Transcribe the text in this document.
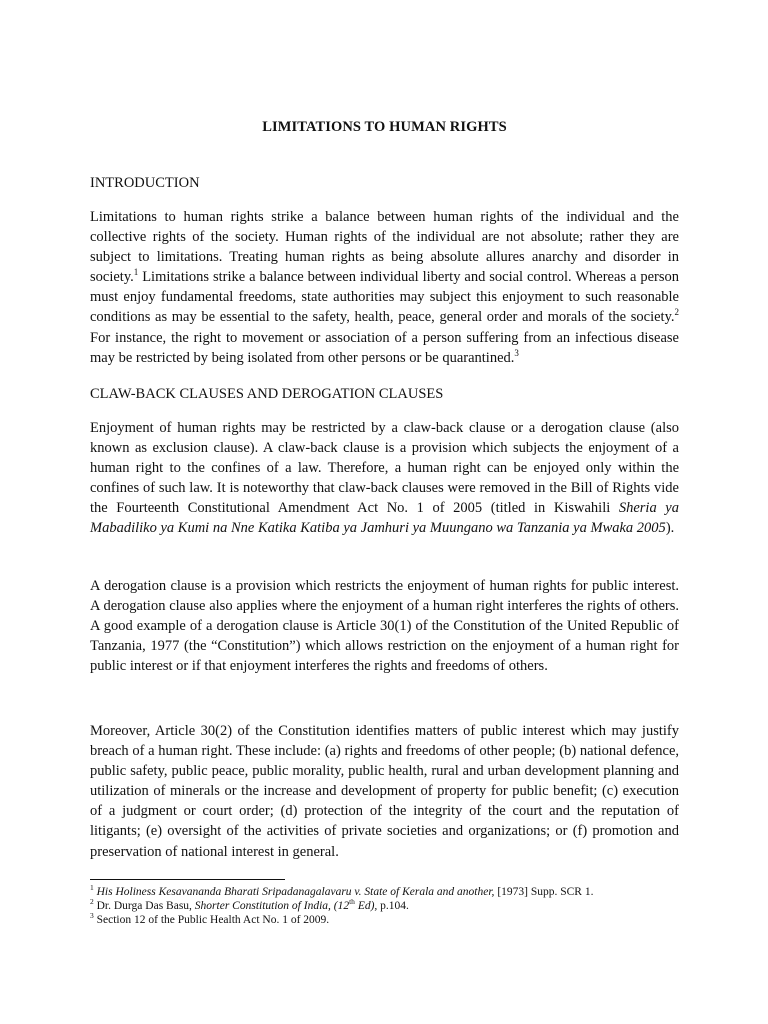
LIMITATIONS TO HUMAN RIGHTS
INTRODUCTION

Limitations to human rights strike a balance between human rights of the individual and the collective rights of the society. Human rights of the individual are not absolute; rather they are subject to limitations. Treating human rights as being absolute allures anarchy and disorder in society.$^1$ Limitations strike a balance between individual liberty and social control. Whereas a person must enjoy fundamental freedoms, state authorities may subject this enjoyment to such reasonable conditions as may be essential to the safety, health, peace, general order and morals of the society.$^2$ For instance, the right to movement or association of a person suffering from an infectious disease may be restricted by being isolated from other persons or be quarantined.$^3$

CLAW-BACK CLAUSES AND DEROGATION CLAUSES

Enjoyment of human rights may be restricted by a claw-back clause or a derogation clause (also known as exclusion clause). A claw-back clause is a provision which subjects the enjoyment of a human right to the confines of a law. Therefore, a human right can be enjoyed only within the confines of such law. It is noteworthy that claw-back clauses were removed in the Bill of Rights vide the Fourteenth Constitutional Amendment Act No. 1 of 2005 (titled in Kiswahili Sheria ya Mabadiliko ya Kumi na Nne Katika Katiba ya Jamhuri ya Muungano wa Tanzania ya Mwaka 2005).

A derogation clause is a provision which restricts the enjoyment of human rights for public interest. A derogation clause also applies where the enjoyment of a human right interferes the rights of others. A good example of a derogation clause is Article 30(1) of the Constitution of the United Republic of Tanzania, 1977 (the “Constitution”) which allows restriction on the enjoyment of a human right for public interest or if that enjoyment interferes the rights and freedoms of others.

Moreover, Article 30(2) of the Constitution identifies matters of public interest which may justify breach of a human right. These include: (a) rights and freedoms of other people; (b) national defence, public safety, public peace, public morality, public health, rural and urban development planning and utilization of minerals or the increase and development of property for public benefit; (c) execution of a judgment or court order; (d) protection of the integrity of the court and the reputation of litigants; (e) oversight of the activities of private societies and organizations; or (f) promotion and preservation of national interest in general.

$^1$ His Holiness Kesavananda Bharati Sripadanagalavaru v. State of Kerala and another, [1973] Supp. SCR 1.
$^2$ Dr. Durga Das Basu, Shorter Constitution of India, (12th Ed), p.104.
$^3$ Section 12 of the Public Health Act No. 1 of 2009.
